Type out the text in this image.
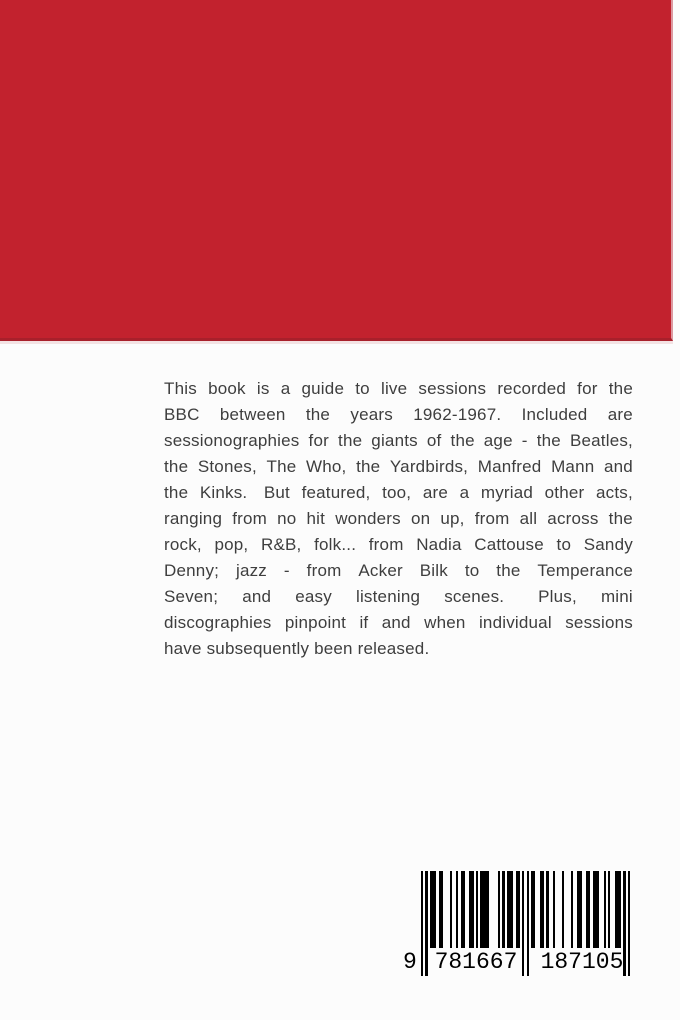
This book is a guide to live sessions recorded for the
BBC between the years 1962-1967. Included are
sessionographies for the giants of the age - the Beatles,
the Stones, The Who, the Yardbirds, Manfred Mann and
the Kinks. But featured, too, are a myriad other acts,
ranging from no hit wonders on up, from all across the
rock, pop, R&B, folk... from Nadia Cattouse to Sandy
Denny; jazz - from Acker Bilk to the Temperance
Seven; and easy listening scenes. Plus, mini
discographies pinpoint if and when individual sessions
have subsequently been released.
9 781667 187105
